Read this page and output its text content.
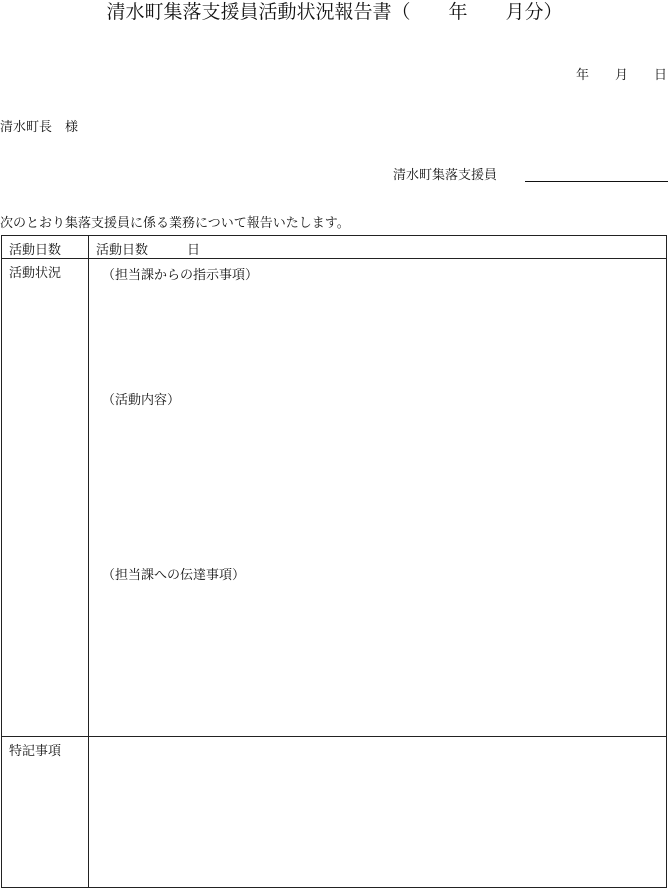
清水町集落支援員活動状況報告書（　　年　　月分）
年　　月　　日
清水町長　様
清水町集落支援員
次のとおり集落支援員に係る業務について報告いたします。
活動日数	活動日数　　　日
活動状況	（担当課からの指示事項）
（活動内容）
（担当課への伝達事項）

特記事項	
